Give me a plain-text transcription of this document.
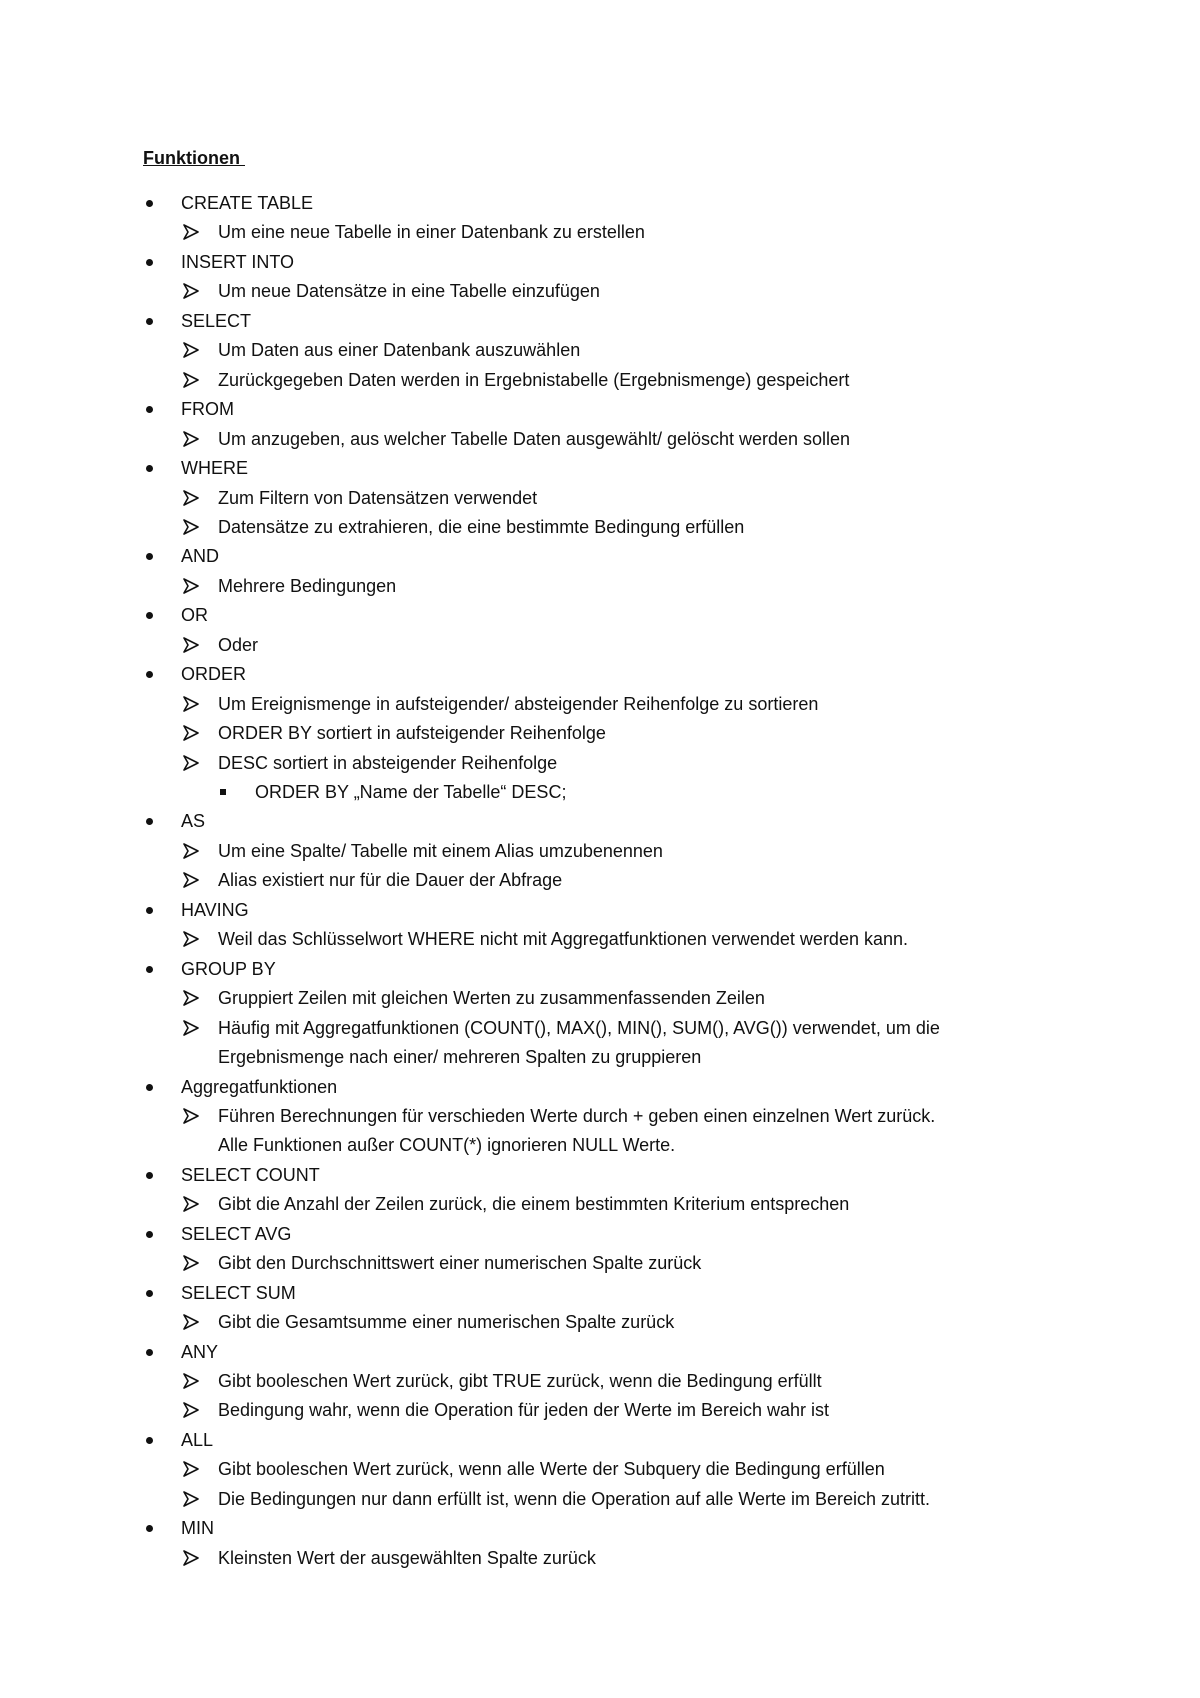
Funktionen
CREATE TABLE
Um eine neue Tabelle in einer Datenbank zu erstellen
INSERT INTO
Um neue Datensätze in eine Tabelle einzufügen
SELECT
Um Daten aus einer Datenbank auszuwählen
Zurückgegeben Daten werden in Ergebnistabelle (Ergebnismenge) gespeichert
FROM
Um anzugeben, aus welcher Tabelle Daten ausgewählt/ gelöscht werden sollen
WHERE
Zum Filtern von Datensätzen verwendet
Datensätze zu extrahieren, die eine bestimmte Bedingung erfüllen
AND
Mehrere Bedingungen
OR
Oder
ORDER
Um Ereignismenge in aufsteigender/ absteigender Reihenfolge zu sortieren
ORDER BY sortiert in aufsteigender Reihenfolge
DESC sortiert in absteigender Reihenfolge
ORDER BY „Name der Tabelle“ DESC;
AS
Um eine Spalte/ Tabelle mit einem Alias umzubenennen
Alias existiert nur für die Dauer der Abfrage
HAVING
Weil das Schlüsselwort WHERE nicht mit Aggregatfunktionen verwendet werden kann.
GROUP BY
Gruppiert Zeilen mit gleichen Werten zu zusammenfassenden Zeilen
Häufig mit Aggregatfunktionen (COUNT(), MAX(), MIN(), SUM(), AVG()) verwendet, um die
Ergebnismenge nach einer/ mehreren Spalten zu gruppieren
Aggregatfunktionen
Führen Berechnungen für verschieden Werte durch + geben einen einzelnen Wert zurück.
Alle Funktionen außer COUNT(*) ignorieren NULL Werte.
SELECT COUNT
Gibt die Anzahl der Zeilen zurück, die einem bestimmten Kriterium entsprechen
SELECT AVG
Gibt den Durchschnittswert einer numerischen Spalte zurück
SELECT SUM
Gibt die Gesamtsumme einer numerischen Spalte zurück
ANY
Gibt booleschen Wert zurück, gibt TRUE zurück, wenn die Bedingung erfüllt
Bedingung wahr, wenn die Operation für jeden der Werte im Bereich wahr ist
ALL
Gibt booleschen Wert zurück, wenn alle Werte der Subquery die Bedingung erfüllen
Die Bedingungen nur dann erfüllt ist, wenn die Operation auf alle Werte im Bereich zutritt.
MIN
Kleinsten Wert der ausgewählten Spalte zurück
